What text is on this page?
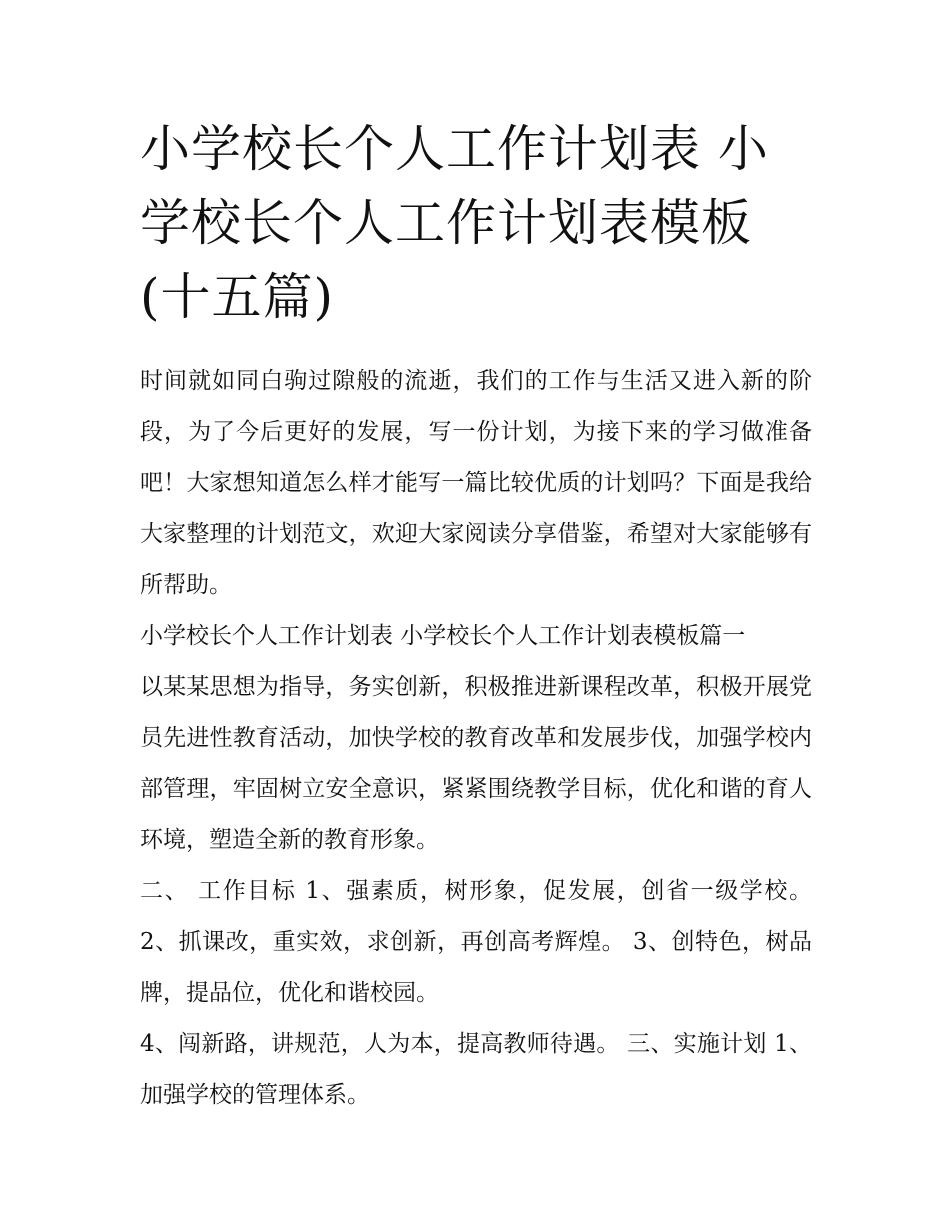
小学校长个人工作计划表 小学校长个人工作计划表模板(十五篇)

时间就如同白驹过隙般的流逝，我们的工作与生活又进入新的阶段，为了今后更好的发展，写一份计划，为接下来的学习做准备吧！大家想知道怎么样才能写一篇比较优质的计划吗？下面是我给大家整理的计划范文，欢迎大家阅读分享借鉴，希望对大家能够有所帮助。

小学校长个人工作计划表 小学校长个人工作计划表模板篇一

以某某思想为指导，务实创新，积极推进新课程改革，积极开展党员先进性教育活动，加快学校的教育改革和发展步伐，加强学校内部管理，牢固树立安全意识，紧紧围绕教学目标，优化和谐的育人环境，塑造全新的教育形象。

二、 工作目标 1、强素质，树形象，促发展，创省一级学校。 2、抓课改，重实效，求创新，再创高考辉煌。 3、创特色，树品牌，提品位，优化和谐校园。

4、闯新路，讲规范，人为本，提高教师待遇。 三、实施计划 1、加强学校的管理体系。
